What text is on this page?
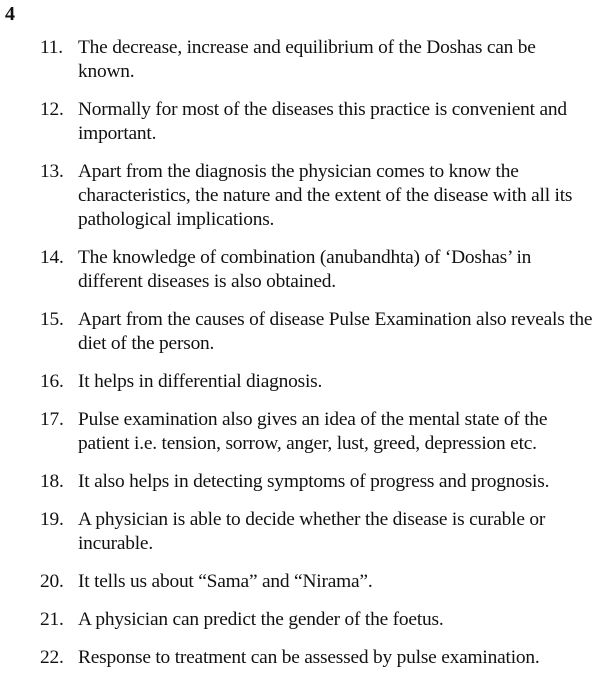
4
11. The decrease, increase and equilibrium of the Doshas can be known.
12. Normally for most of the diseases this practice is convenient and important.
13. Apart from the diagnosis the physician comes to know the characteristics, the nature and the extent of the disease with all its pathological implications.
14. The knowledge of combination (anubandhta) of ‘Doshas’ in different diseases is also obtained.
15. Apart from the causes of disease Pulse Examination also reveals the diet of the person.
16. It helps in differential diagnosis.
17. Pulse examination also gives an idea of the mental state of the patient i.e. tension, sorrow, anger, lust, greed, depression etc.
18. It also helps in detecting symptoms of progress and prognosis.
19. A physician is able to decide whether the disease is curable or incurable.
20. It tells us about “Sama” and “Nirama”.
21. A physician can predict the gender of the foetus.
22. Response to treatment can be assessed by pulse examination.
